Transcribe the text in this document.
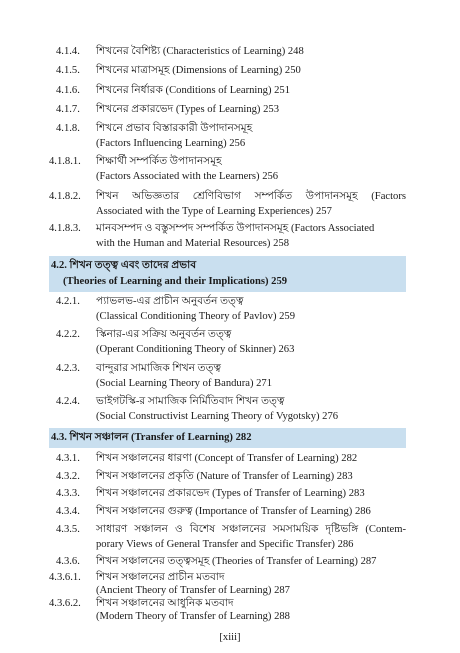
4.1.4. শিখনের বৈশিষ্ট্য (Characteristics of Learning) 248
4.1.5. শিখনের মাত্রাসমূহ (Dimensions of Learning) 250
4.1.6. শিখনের নির্ধারক (Conditions of Learning) 251
4.1.7. শিখনের প্রকারভেদ (Types of Learning) 253
4.1.8. শিখনে প্রভাব বিস্তারকারী উপাদানসমূহ
(Factors Influencing Learning) 256
4.1.8.1. শিক্ষার্থী সম্পর্কিত উপাদানসমূহ
(Factors Associated with the Learners) 256
4.1.8.2. শিখন অভিজ্ঞতার শ্রেণিবিভাগ সম্পর্কিত উপাদানসমূহ (Factors
Associated with the Type of Learning Experiences) 257
4.1.8.3. মানবসম্পদ ও বস্তুসম্পদ সম্পর্কিত উপাদানসমূহ (Factors Associated
with the Human and Material Resources) 258
4.2. শিখন তত্ত্ব এবং তাদের প্রভাব
(Theories of Learning and their Implications) 259
4.2.1. প্যাভলভ-এর প্রাচীন অনুবর্তন তত্ত্ব
(Classical Conditioning Theory of Pavlov) 259
4.2.2. স্কিনার-এর সক্রিয় অনুবর্তন তত্ত্ব
(Operant Conditioning Theory of Skinner) 263
4.2.3. বান্দুরার সামাজিক শিখন তত্ত্ব
(Social Learning Theory of Bandura) 271
4.2.4. ভাইগটস্কি-র সামাজিক নির্মিতিবাদ শিখন তত্ত্ব
(Social Constructivist Learning Theory of Vygotsky) 276
4.3. শিখন সঞ্চালন (Transfer of Learning) 282
4.3.1. শিখন সঞ্চালনের ধারণা (Concept of Transfer of Learning) 282
4.3.2. শিখন সঞ্চালনের প্রকৃতি (Nature of Transfer of Learning) 283
4.3.3. শিখন সঞ্চালনের প্রকারভেদ (Types of Transfer of Learning) 283
4.3.4. শিখন সঞ্চালনের গুরুত্ব (Importance of Transfer of Learning) 286
4.3.5. সাধারণ সঞ্চালন ও বিশেষ সঞ্চালনের সমসাময়িক দৃষ্টিভঙ্গি (Contem-
porary Views of General Transfer and Specific Transfer) 286
4.3.6. শিখন সঞ্চালনের তত্ত্বসমূহ (Theories of Transfer of Learning) 287
[xiii]
4.3.6.1. শিখন সঞ্চালনের প্রাচীন মতবাদ
(Ancient Theory of Transfer of Learning) 287
4.3.6.2. শিখন সঞ্চালনের আধুনিক মতবাদ
(Modern Theory of Transfer of Learning) 288
